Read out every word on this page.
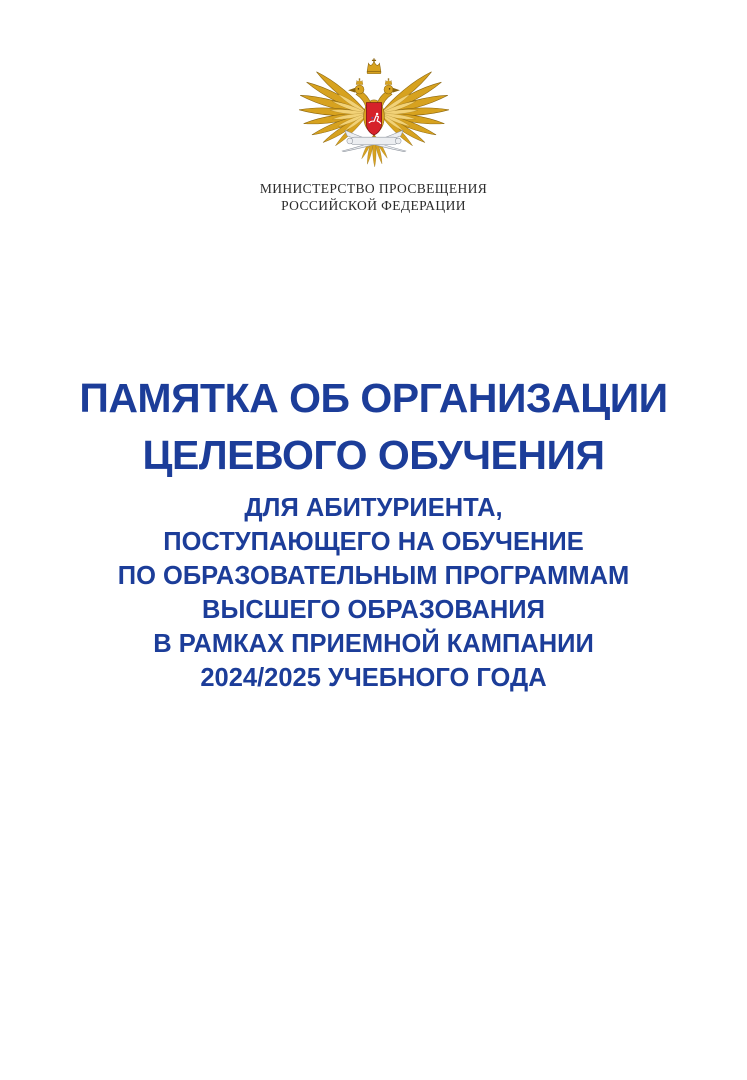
МИНИСТЕРСТВО ПРОСВЕЩЕНИЯ
РОССИЙСКОЙ ФЕДЕРАЦИИ
ПАМЯТКА ОБ ОРГАНИЗАЦИИ
ЦЕЛЕВОГО ОБУЧЕНИЯ
ДЛЯ АБИТУРИЕНТА,
ПОСТУПАЮЩЕГО НА ОБУЧЕНИЕ
ПО ОБРАЗОВАТЕЛЬНЫМ ПРОГРАММАМ
ВЫСШЕГО ОБРАЗОВАНИЯ
В РАМКАХ ПРИЕМНОЙ КАМПАНИИ
2024/2025 УЧЕБНОГО ГОДА
